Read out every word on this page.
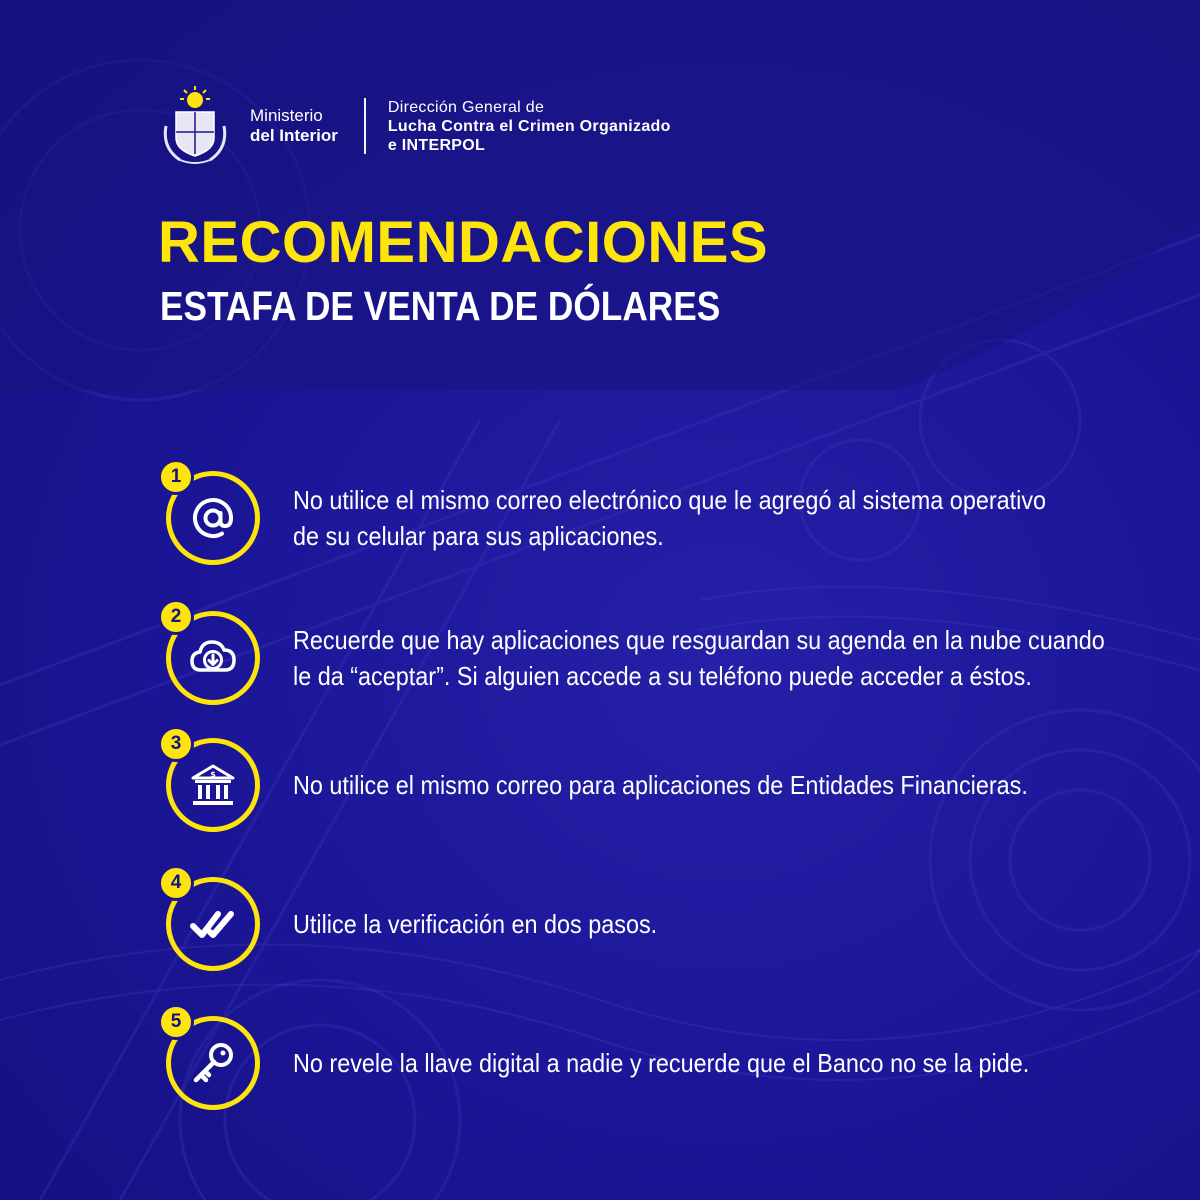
Ministerio
del Interior
Dirección General de
Lucha Contra el Crimen Organizado
e INTERPOL
RECOMENDACIONES
ESTAFA DE VENTA DE DÓLARES
1

No utilice el mismo correo electrónico que le agregó al sistema operativo
de su celular para sus aplicaciones.

2

Recuerde que hay aplicaciones que resguardan su agenda en la nube cuando
le da “aceptar”. Si alguien accede a su teléfono puede acceder a éstos.

$
3

No utilice el mismo correo para aplicaciones de Entidades Financieras.

4

Utilice la verificación en dos pasos.

5

No revele la llave digital a nadie y recuerde que el Banco no se la pide.
